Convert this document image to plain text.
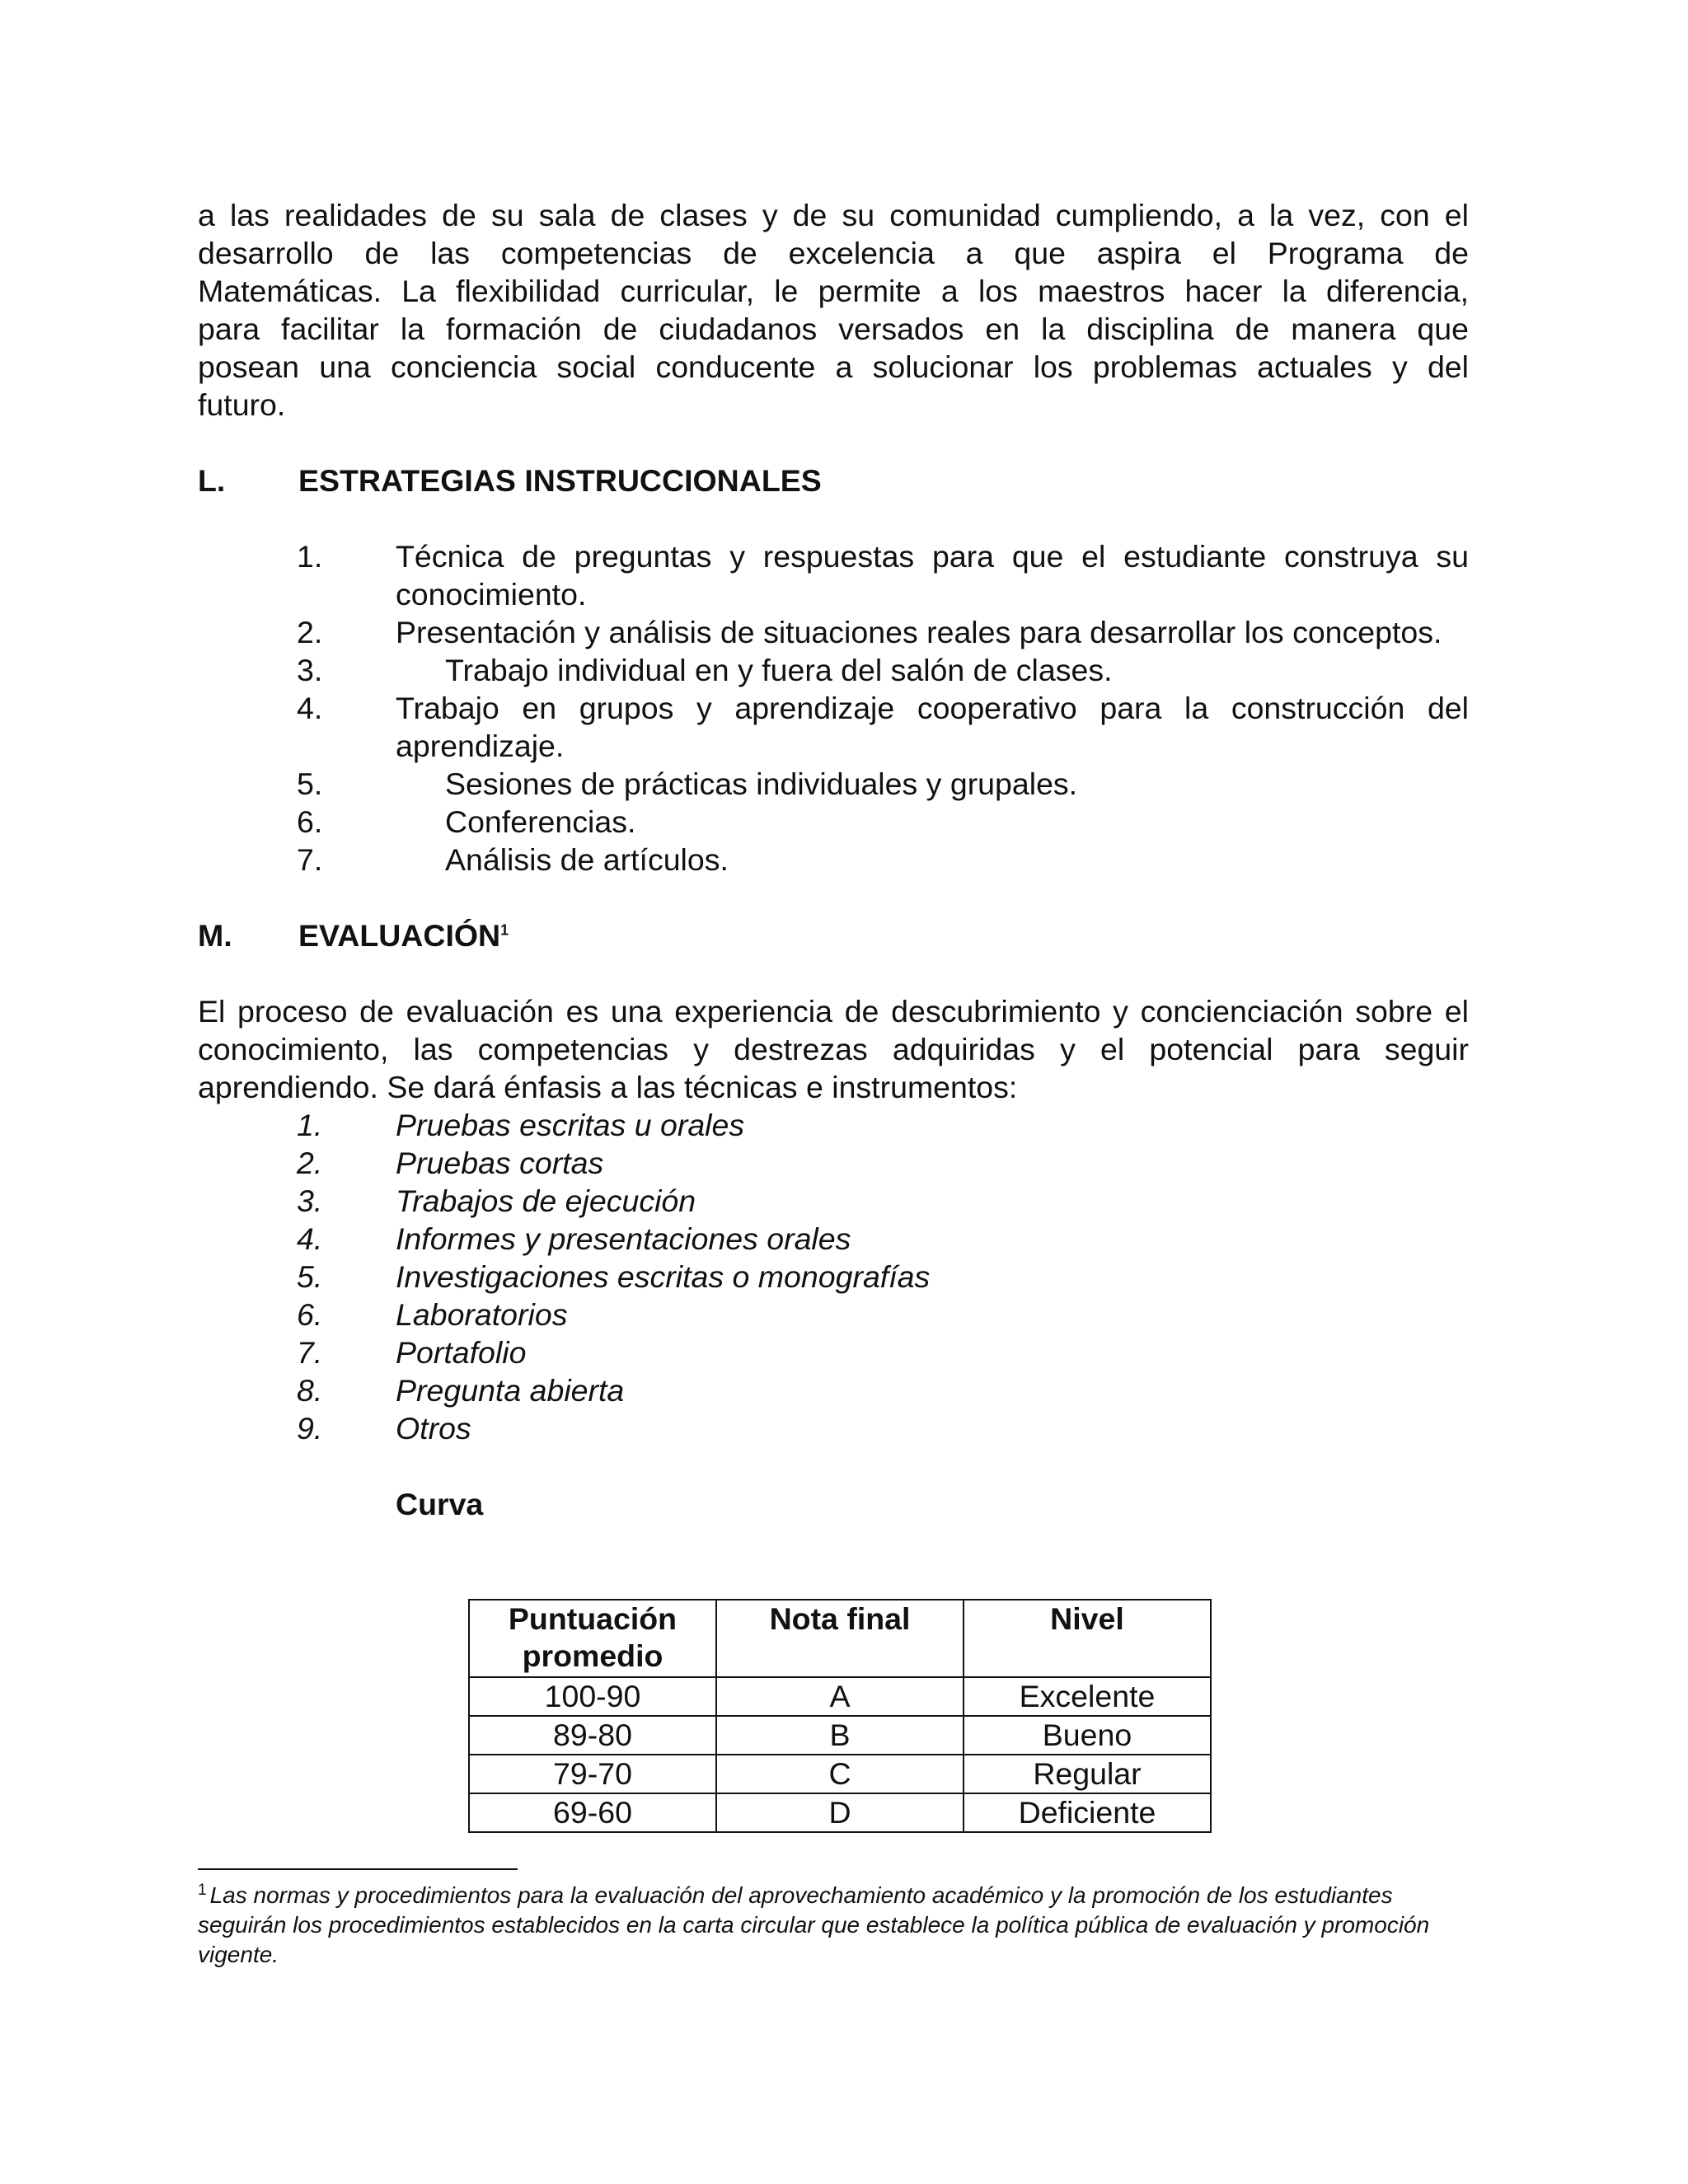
a las realidades de su sala de clases y de su comunidad cumpliendo, a la vez, con el
desarrollo de las competencias de excelencia a que aspira el Programa de
Matemáticas. La flexibilidad curricular, le permite a los maestros hacer la diferencia,
para facilitar la formación de ciudadanos versados en la disciplina de manera que
posean una conciencia social conducente a solucionar los problemas actuales y del
futuro.
L. ESTRATEGIAS INSTRUCCIONALES
1. Técnica de preguntas y respuestas para que el estudiante construya su conocimiento.
2. Presentación y análisis de situaciones reales para desarrollar los conceptos.
3.	Trabajo individual en y fuera del salón de clases.
4. Trabajo en grupos y aprendizaje cooperativo para la construcción del aprendizaje.
5.	Sesiones de prácticas individuales y grupales.
6.	Conferencias.
7.	Análisis de artículos.
M. EVALUACIÓN$^1$

El proceso de evaluación es una experiencia de descubrimiento y concienciación sobre el conocimiento, las competencias y destrezas adquiridas y el potencial para seguir aprendiendo. Se dará énfasis a las técnicas e instrumentos:

1. Pruebas escritas u orales
2. Pruebas cortas
3. Trabajos de ejecución
4. Informes y presentaciones orales
5. Investigaciones escritas o monografías
6. Laboratorios
7. Portafolio
8. Pregunta abierta
9. Otros
Curva
Puntuación promedio	Nota final	Nivel
100-90	A	Excelente
89-80	B	Bueno
79-70	C	Regular
69-60	D	Deficiente
$^1$ Las normas y procedimientos para la evaluación del aprovechamiento académico y la promoción de los estudiantes seguirán los procedimientos establecidos en la carta circular que establece la política pública de evaluación y promoción vigente.
